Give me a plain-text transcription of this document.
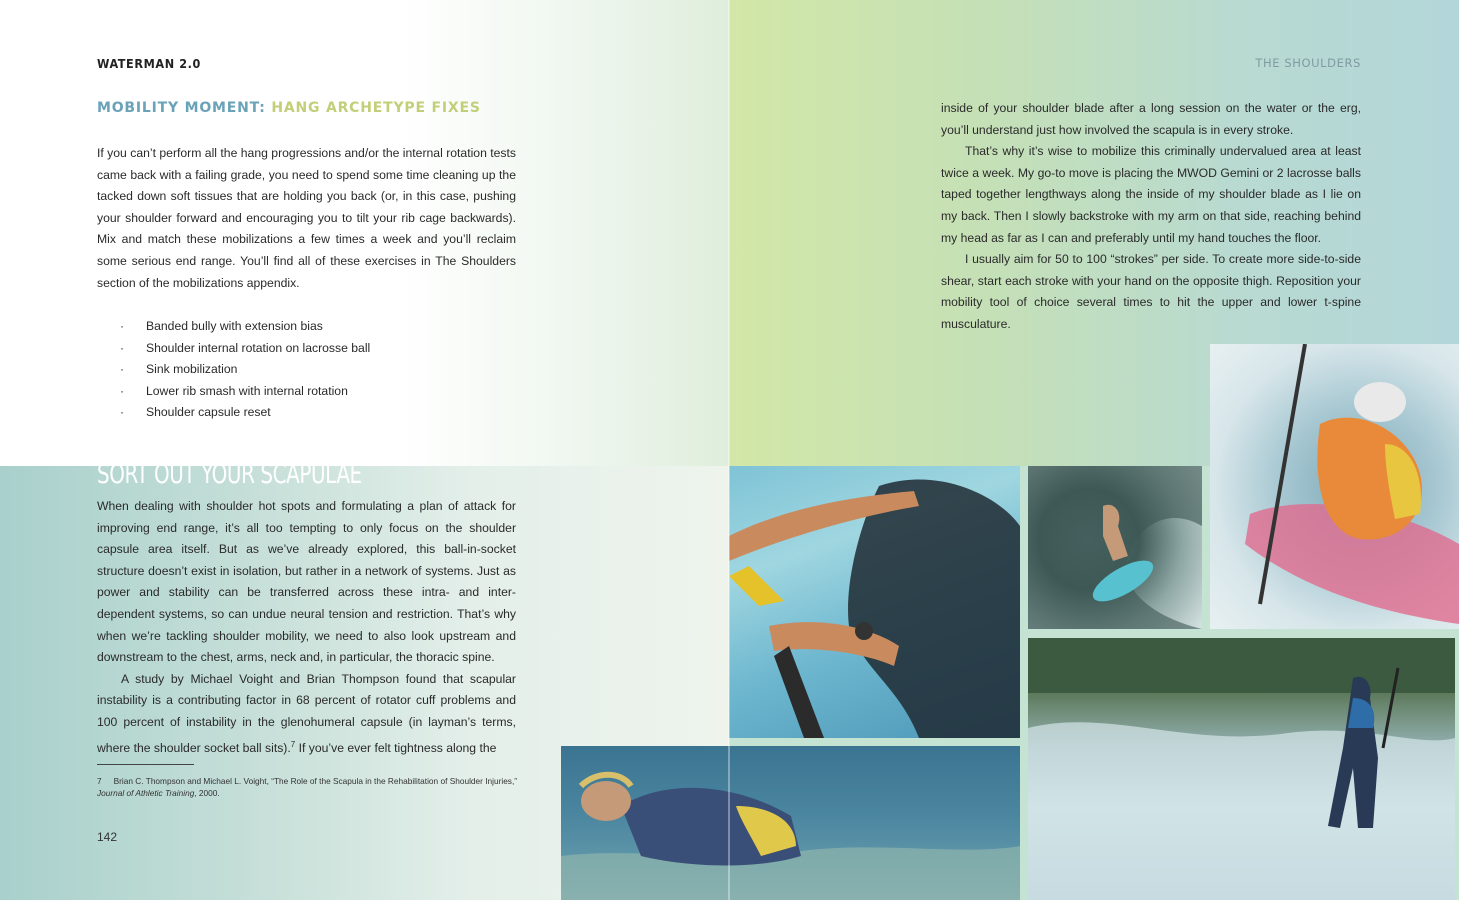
WATERMAN 2.0	THE SHOULDERS
MOBILITY MOMENT: HANG ARCHETYPE FIXES
If you can’t perform all the hang progressions and/or the internal rotation tests came back with a failing grade, you need to spend some time cleaning up the tacked down soft tissues that are holding you back (or, in this case, pushing your shoulder forward and encouraging you to tilt your rib cage backwards). Mix and match these mobilizations a few times a week and you’ll reclaim some serious end range. You’ll find all of these exercises in The Shoulders section of the mobilizations appendix.
· Banded bully with extension bias
· Shoulder internal rotation on lacrosse ball
· Sink mobilization
· Lower rib smash with internal rotation
· Shoulder capsule reset
SORT OUT YOUR SCAPULAE

When dealing with shoulder hot spots and formulating a plan of attack for improving end range, it’s all too tempting to only focus on the shoulder capsule area itself. But as we’ve already explored, this ball-in-socket structure doesn’t exist in isolation, but rather in a network of systems. Just as power and stability can be transferred across these intra- and inter-dependent systems, so can undue neural tension and restriction. That’s why when we’re tackling shoulder mobility, we need to also look upstream and downstream to the chest, arms, neck and, in particular, the thoracic spine.

A study by Michael Voight and Brian Thompson found that scapular instability is a contributing factor in 68 percent of rotator cuff problems and 100 percent of instability in the glenohumeral capsule (in layman’s terms, where the shoulder socket ball sits).$^7$ If you’ve ever felt tightness along the

7 Brian C. Thompson and Michael L. Voight, “The Role of the Scapula in the Rehabilitation of Shoulder Injuries,” Journal of Athletic Training, 2000.
142

inside of your shoulder blade after a long session on the water or the erg, you’ll understand just how involved the scapula is in every stroke.

That’s why it’s wise to mobilize this criminally undervalued area at least twice a week. My go-to move is placing the MWOD Gemini or 2 lacrosse balls taped together lengthways along the inside of my shoulder blade as I lie on my back. Then I slowly backstroke with my arm on that side, reaching behind my head as far as I can and preferably until my hand touches the floor.

I usually aim for 50 to 100 “strokes” per side. To create more side-to-side shear, start each stroke with your hand on the opposite thigh. Reposition your mobility tool of choice several times to hit the upper and lower t-spine musculature.
